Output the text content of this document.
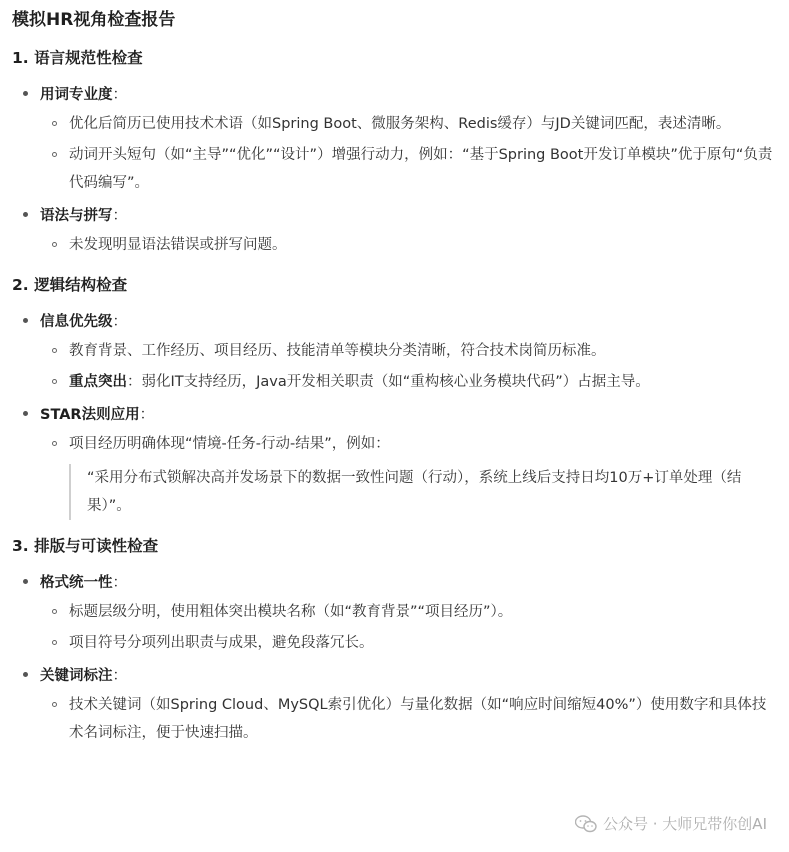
模拟HR视角检查报告
1. 语言规范性检查
用词专业度：
优化后简历已使用技术术语（如Spring Boot、微服务架构、Redis缓存）与JD关键词匹配，表述清晰。
动词开头短句（如“主导”“优化”“设计”）增强行动力，例如：“基于Spring Boot开发订单模块”优于原句“负责代码编写”。
语法与拼写：
未发现明显语法错误或拼写问题。
2. 逻辑结构检查
信息优先级：
教育背景、工作经历、项目经历、技能清单等模块分类清晰，符合技术岗简历标准。
重点突出：弱化IT支持经历，Java开发相关职责（如“重构核心业务模块代码”）占据主导。
STAR法则应用：
项目经历明确体现“情境-任务-行动-结果”，例如：
“采用分布式锁解决高并发场景下的数据一致性问题（行动），系统上线后支持日均10万+订单处理（结果）”。
3. 排版与可读性检查
格式统一性：
标题层级分明，使用粗体突出模块名称（如“教育背景”“项目经历”）。
项目符号分项列出职责与成果，避免段落冗长。
关键词标注：
技术关键词（如Spring Cloud、MySQL索引优化）与量化数据（如“响应时间缩短40%”）使用数字和具体技术名词标注，便于快速扫描。
公众号 · 大师兄带你创AI
